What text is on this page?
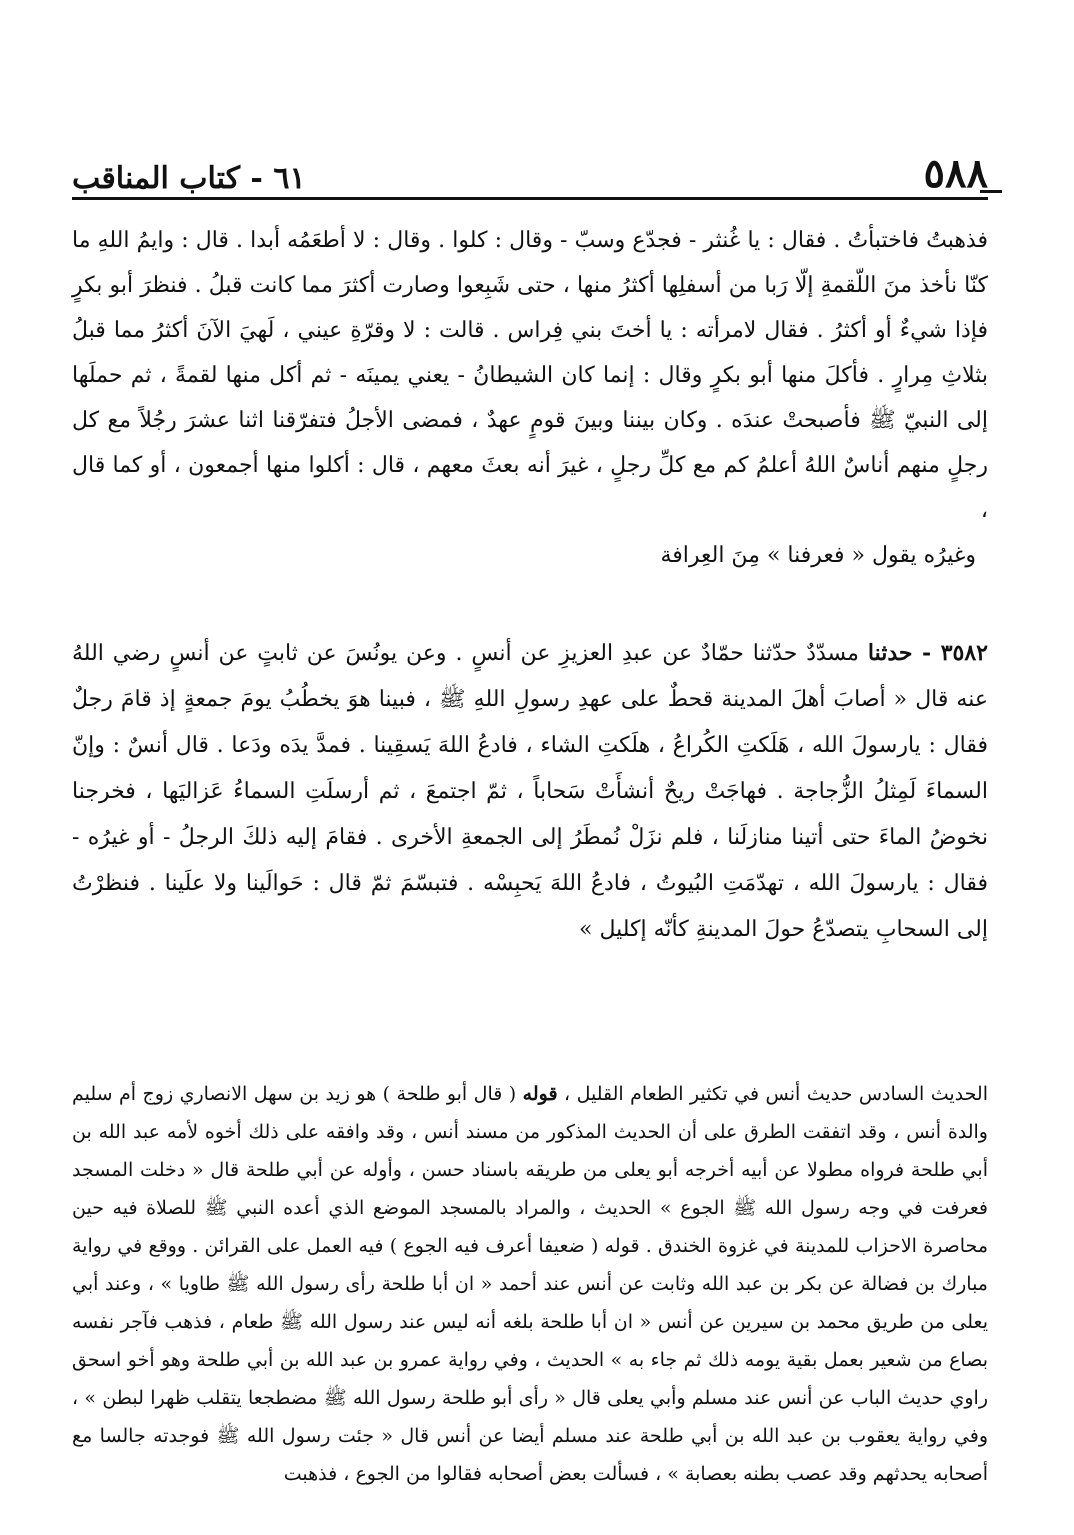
٥٨٨
٦١ - كتاب المناقب

فذهبتُ فاختبأتُ . فقال : يا غُنثر - فجدّع وسبّ - وقال : كلوا . وقال : لا أطعَمُه أبدا . قال : وايمُ اللهِ ما كنّا نأخذ منَ اللّقمةِ إلّا رَبا من أسفلِها أكثرُ منها ، حتى شَبِعوا وصارت أكثرَ مما كانت قبلُ . فنظرَ أبو بكرٍ فإذا شيءٌ أو أكثرُ . فقال لامرأته : يا أختَ بني فِراس . قالت : لا وقرّةِ عيني ، لَهيَ الآنَ أكثرُ مما قبلُ بثلاثِ مِرارٍ . فأكلَ منها أبو بكرٍ وقال : إنما كان الشيطانُ - يعني يمينَه - ثم أكل منها لقمةً ، ثم حملَها إلى النبيّ ﷺ فأصبحتْ عندَه . وكان بيننا وبينَ قومٍ عهدٌ ، فمضى الأجلُ فتفرّقنا اثنا عشرَ رجُلاً مع كل رجلٍ منهم أناسٌ اللهُ أعلمُ كم مع كلِّ رجلٍ ، غيرَ أنه بعثَ معهم ، قال : أكلوا منها أجمعون ، أو كما قال ،

وغيرُه يقول « فعرفنا » مِنَ العِرافة

٣٥٨٢ - حدثنا مسدّدٌ حدّثنا حمّادٌ عن عبدِ العزيزِ عن أنسٍ . وعن يونُسَ عن ثابتٍ عن أنسٍ رضي اللهُ عنه قال « أصابَ أهلَ المدينة قحطٌ على عهدِ رسولِ اللهِ ﷺ ، فبينا هوَ يخطُبُ يومَ جمعةٍ إذ قامَ رجلٌ فقال : يارسولَ الله ، هَلَكتِ الكُراعُ ، هلَكتِ الشاء ، فادعُ اللهَ يَسقِينا . فمدَّ يدَه ودَعا . قال أنسٌ : وإنّ السماءَ لَمِثلُ الزُّجاجة . فهاجَتْ ريحٌ أنشأَتْ سَحاباً ، ثمّ اجتمعَ ، ثم أرسلَتِ السماءُ عَزاليَها ، فخرجنا نخوضُ الماءَ حتى أتينا منازلَنا ، فلم نزَلْ نُمطَرُ إلى الجمعةِ الأخرى . فقامَ إليه ذلكَ الرجلُ - أو غيرُه - فقال : يارسولَ الله ، تهدّمَتِ البُيوتُ ، فادعُ اللهَ يَحبِسْه . فتبسّمَ ثمّ قال : حَوالَينا ولا علَينا . فنظرْتُ إلى السحابِ يتصدّعُ حولَ المدينةِ كأنّه إكليل »

الحديث السادس حديث أنس في تكثير الطعام القليل ، قوله ( قال أبو طلحة ) هو زيد بن سهل الانصاري زوج أم سليم والدة أنس ، وقد اتفقت الطرق على أن الحديث المذكور من مسند أنس ، وقد وافقه على ذلك أخوه لأمه عبد الله بن أبي طلحة فرواه مطولا عن أبيه أخرجه أبو يعلى من طريقه باسناد حسن ، وأوله عن أبي طلحة قال « دخلت المسجد فعرفت في وجه رسول الله ﷺ الجوع » الحديث ، والمراد بالمسجد الموضع الذي أعده النبي ﷺ للصلاة فيه حين محاصرة الاحزاب للمدينة في غزوة الخندق . قوله ( ضعيفا أعرف فيه الجوع ) فيه العمل على القرائن . ووقع في رواية مبارك بن فضالة عن بكر بن عبد الله وثابت عن أنس عند أحمد « ان أبا طلحة رأى رسول الله ﷺ طاويا » ، وعند أبي يعلى من طريق محمد بن سيرين عن أنس « ان أبا طلحة بلغه أنه ليس عند رسول الله ﷺ طعام ، فذهب فآجر نفسه بصاع من شعير بعمل بقية يومه ذلك ثم جاء به » الحديث ، وفي رواية عمرو بن عبد الله بن أبي طلحة وهو أخو اسحق راوي حديث الباب عن أنس عند مسلم وأبي يعلى قال « رأى أبو طلحة رسول الله ﷺ مضطجعا يتقلب ظهرا لبطن » ، وفي رواية يعقوب بن عبد الله بن أبي طلحة عند مسلم أيضا عن أنس قال « جئت رسول الله ﷺ فوجدته جالسا مع أصحابه يحدثهم وقد عصب بطنه بعصابة » ، فسألت بعض أصحابه فقالوا من الجوع ، فذهبت
